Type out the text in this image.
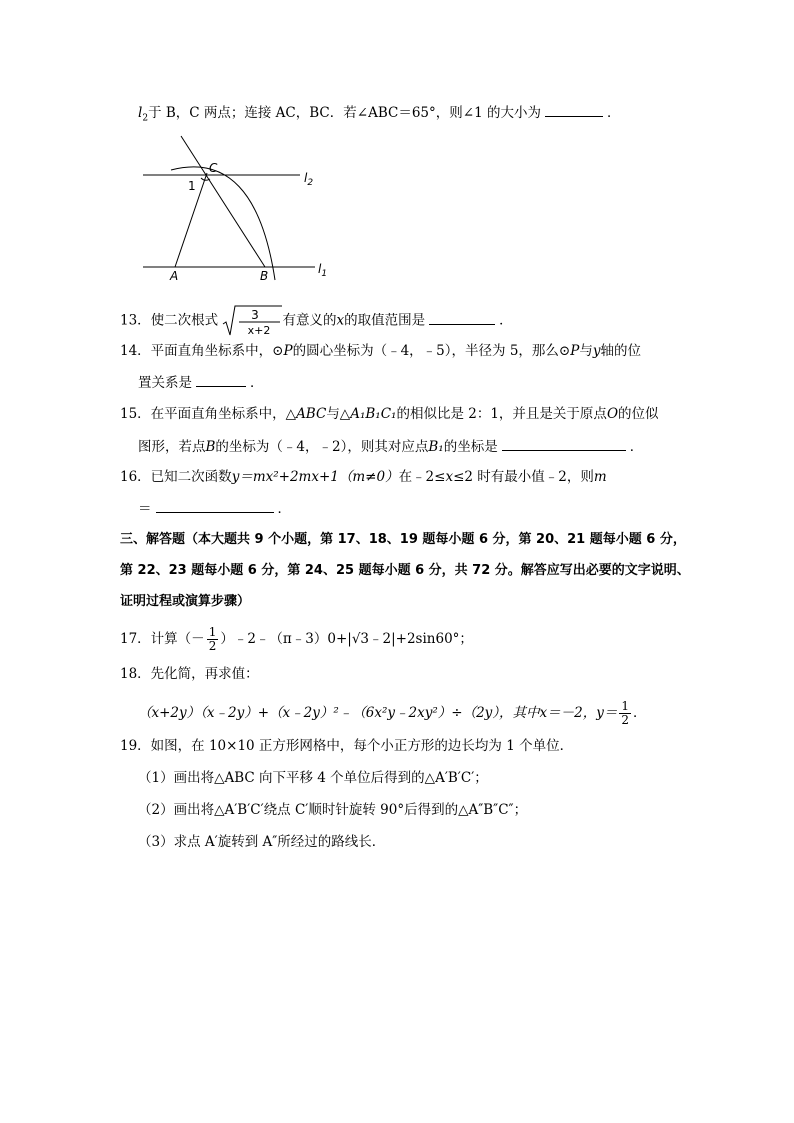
$l_2$于 B，C 两点；连接 AC，BC．若∠ABC＝65°，则∠1 的大小为	．
C
1
A	B
$l_2$
$l_1$
13．使二次根式	3
x+2
有意义的x的取值范围是	．
14．平面直角坐标系中，⊙P的圆心坐标为（﹣4，﹣5），半径为 5，那么⊙P与y轴的位
置关系是	．
15．在平面直角坐标系中，△ABC与△A₁B₁C₁的相似比是 2：1，并且是关于原点O的位似
图形，若点B的坐标为（﹣4，﹣2），则其对应点B₁的坐标是	．
16．已知二次函数y＝mx²+2mx+1（m≠0）在﹣2≤x≤2 时有最小值﹣2，则m
＝	．
三、解答题（本大题共 9 个小题，第 17、18、19 题每小题 6 分，第 20、21 题每小题 6 分，
第 22、23 题每小题 6 分，第 24、25 题每小题 6 分，共 72 分。解答应写出必要的文字说明、
证明过程或演算步骤）
17．计算（－ $\frac{1}{2}$ ）﹣2﹣（π﹣3）0+|√3﹣2|+2sin60°；
18．先化简，再求值：
（x+2y）（x﹣2y）+（x﹣2y）²﹣（6x²y﹣2xy²）÷（2y），其中x＝－2，$y= \frac{1}{2}$ ．
19．如图，在 10×10 正方形网格中，每个小正方形的边长均为 1 个单位．
（1）画出将△ABC 向下平移 4 个单位后得到的△A′B′C′；
（2）画出将△A′B′C′绕点 C′顺时针旋转 90°后得到的△A″B″C″；
（3）求点 A′旋转到 A″所经过的路线长．
